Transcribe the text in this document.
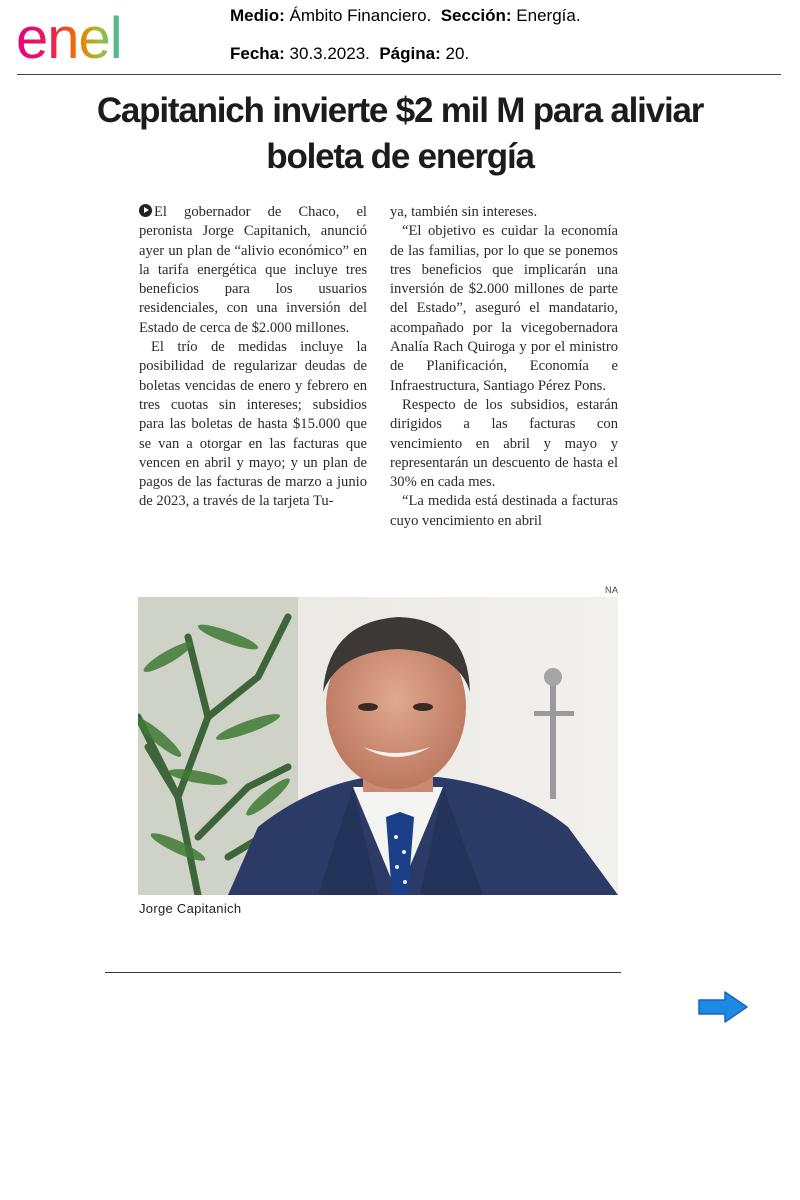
enel	Medio: Ámbito Financiero. Sección: Energía.
Fecha: 30.3.2023. Página: 20.
Capitanich invierte $2 mil M para aliviar
boleta de energía

El gobernador de Chaco, el peronista Jorge Capitanich, anunció ayer un plan de “alivio económico” en la tarifa energética que incluye tres beneficios para los usuarios residenciales, con una inversión del Estado de cerca de $2.000 millones.

El trío de medidas incluye la posibilidad de regularizar deudas de boletas vencidas de enero y febrero en tres cuotas sin intereses; subsidios para las boletas de hasta $15.000 que se van a otorgar en las facturas que vencen en abril y mayo; y un plan de pagos de las facturas de marzo a junio de 2023, a través de la tarjeta Tu-

ya, también sin intereses.

“El objetivo es cuidar la economía de las familias, por lo que se ponemos tres beneficios que implicarán una inversión de $2.000 millones de parte del Estado”, aseguró el mandatario, acompañado por la vicegobernadora Analía Rach Quiroga y por el ministro de Planificación, Economía e Infraestructura, Santiago Pérez Pons.

Respecto de los subsidios, estarán dirigidos a las facturas con vencimiento en abril y mayo y representarán un descuento de hasta el 30% en cada mes.

“La medida está destinada a facturas cuyo vencimiento en abril

NA
Jorge Capitanich
